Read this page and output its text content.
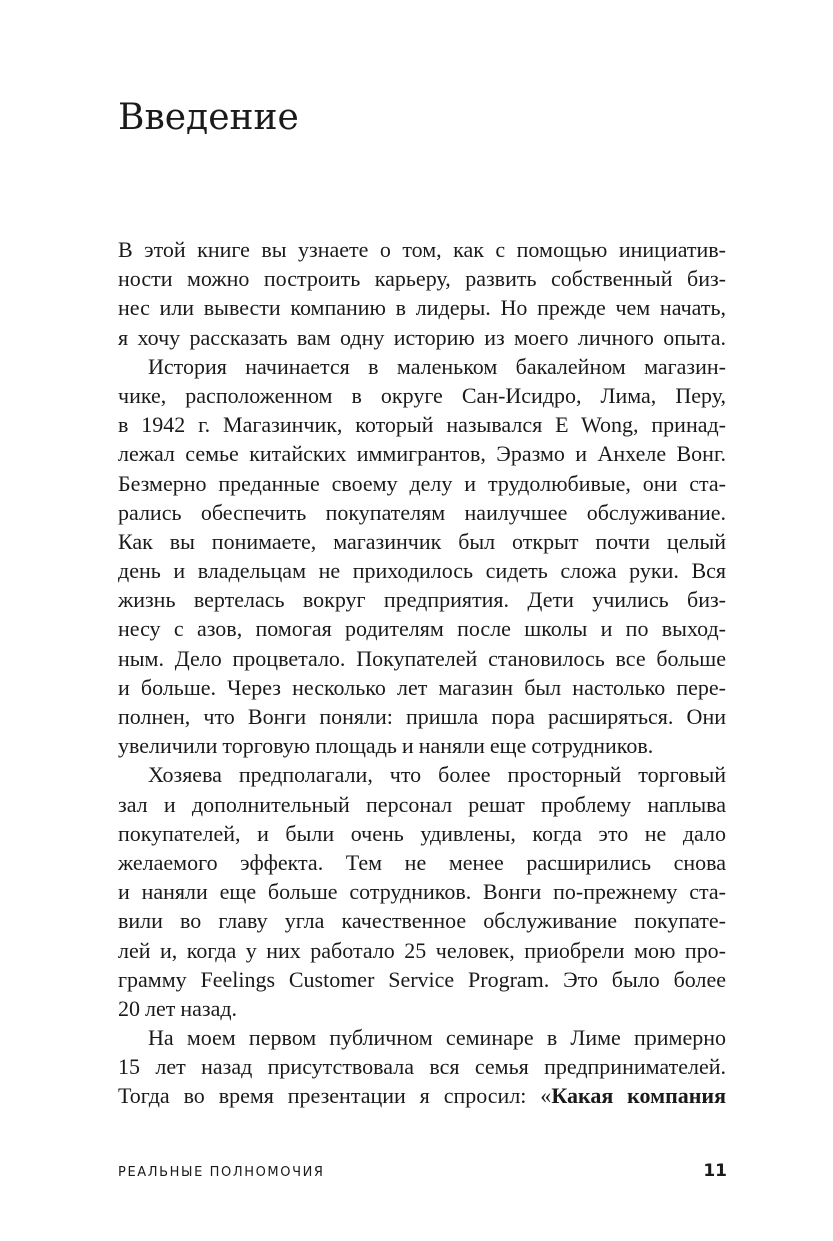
Введение
В этой книге вы узнаете о том, как с помощью инициатив-
ности можно построить карьеру, развить собственный биз-
нес или вывести компанию в лидеры. Но прежде чем начать,
я хочу рассказать вам одну историю из моего личного опыта.
История начинается в маленьком бакалейном магазин-
чике, расположенном в округе Сан-Исидро, Лима, Перу,
в 1942 г. Магазинчик, который назывался E Wong, принад-
лежал семье китайских иммигрантов, Эразмо и Анхеле Вонг.
Безмерно преданные своему делу и трудолюбивые, они ста-
рались обеспечить покупателям наилучшее обслуживание.
Как вы понимаете, магазинчик был открыт почти целый
день и владельцам не приходилось сидеть сложа руки. Вся
жизнь вертелась вокруг предприятия. Дети учились биз-
несу с азов, помогая родителям после школы и по выход-
ным. Дело процветало. Покупателей становилось все больше
и больше. Через несколько лет магазин был настолько пере-
полнен, что Вонги поняли: пришла пора расширяться. Они
увеличили торговую площадь и наняли еще сотрудников.
Хозяева предполагали, что более просторный торговый
зал и дополнительный персонал решат проблему наплыва
покупателей, и были очень удивлены, когда это не дало
желаемого эффекта. Тем не менее расширились снова
и наняли еще больше сотрудников. Вонги по-прежнему ста-
вили во главу угла качественное обслуживание покупате-
лей и, когда у них работало 25 человек, приобрели мою про-
грамму Feelings Customer Service Program. Это было более
20 лет назад.
На моем первом публичном семинаре в Лиме примерно
15 лет назад присутствовала вся семья предпринимателей.
Тогда во время презентации я спросил: «Какая компания
РЕАЛЬНЫЕ ПОЛНОМОЧИЯ	11
